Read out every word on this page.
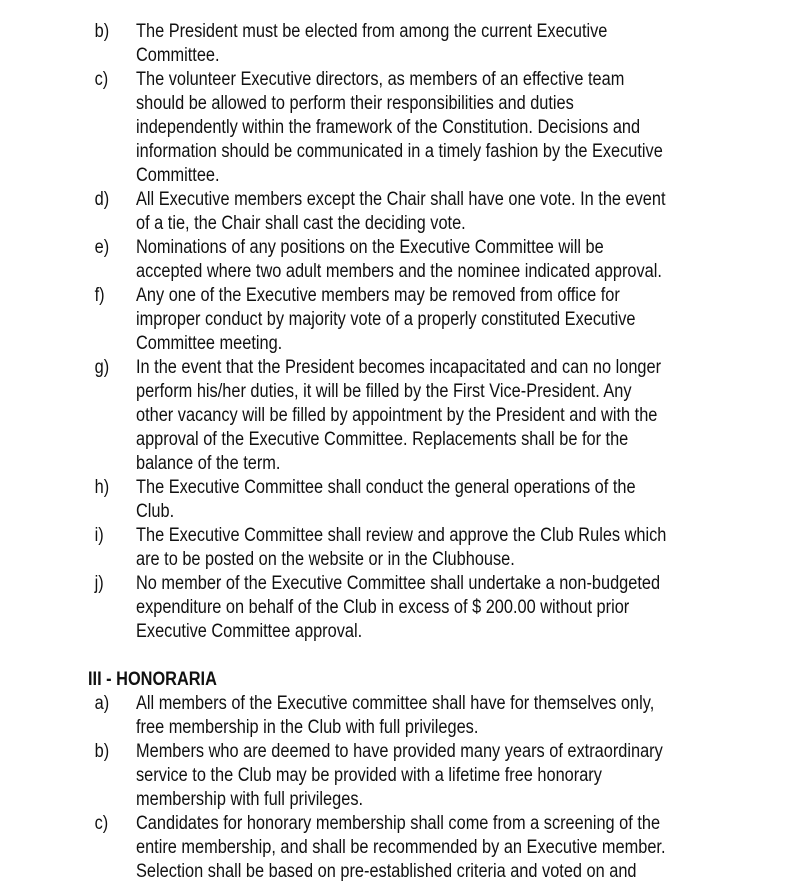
b)	The President must be elected from among the current Executive
Committee.
c)	The volunteer Executive directors, as members of an effective team
should be allowed to perform their responsibilities and duties
independently within the framework of the Constitution. Decisions and
information should be communicated in a timely fashion by the Executive
Committee.
d)	All Executive members except the Chair shall have one vote. In the event
of a tie, the Chair shall cast the deciding vote.
e)	Nominations of any positions on the Executive Committee will be
accepted where two adult members and the nominee indicated approval.
f)	Any one of the Executive members may be removed from office for
improper conduct by majority vote of a properly constituted Executive
Committee meeting.
g)	In the event that the President becomes incapacitated and can no longer
perform his/her duties, it will be filled by the First Vice-President. Any
other vacancy will be filled by appointment by the President and with the
approval of the Executive Committee. Replacements shall be for the
balance of the term.
h)	The Executive Committee shall conduct the general operations of the
Club.
i)	The Executive Committee shall review and approve the Club Rules which
are to be posted on the website or in the Clubhouse.
j)	No member of the Executive Committee shall undertake a non-budgeted
expenditure on behalf of the Club in excess of $ 200.00 without prior
Executive Committee approval.
III - HONORARIA
a)	All members of the Executive committee shall have for themselves only,
free membership in the Club with full privileges.
b)	Members who are deemed to have provided many years of extraordinary
service to the Club may be provided with a lifetime free honorary
membership with full privileges.
c)	Candidates for honorary membership shall come from a screening of the
entire membership, and shall be recommended by an Executive member.
Selection shall be based on pre-established criteria and voted on and
